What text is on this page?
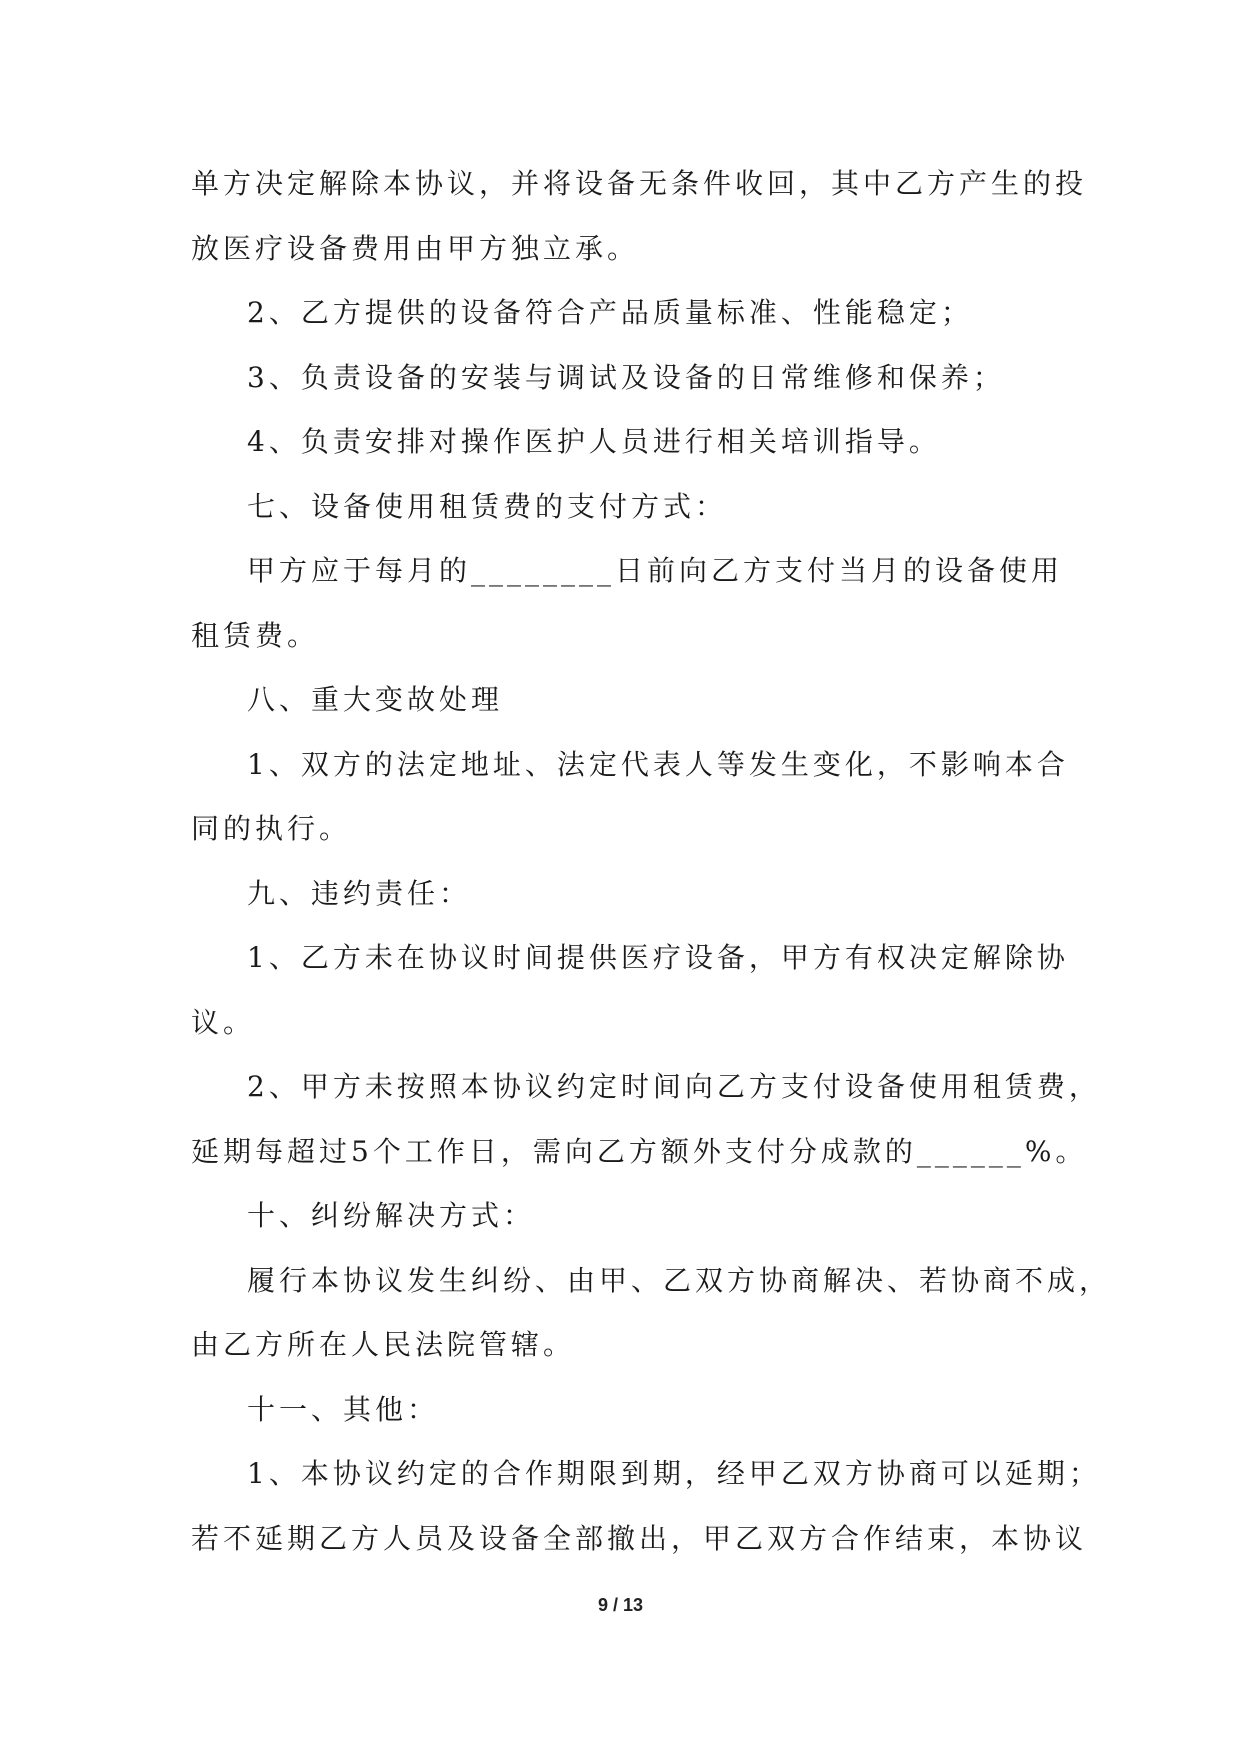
单方决定解除本协议，并将设备无条件收回，其中乙方产生的投
放医疗设备费用由甲方独立承。
2、乙方提供的设备符合产品质量标准、性能稳定；
3、负责设备的安装与调试及设备的日常维修和保养；
4、负责安排对操作医护人员进行相关培训指导。
七、设备使用租赁费的支付方式：
甲方应于每月的________日前向乙方支付当月的设备使用
租赁费。
八、重大变故处理
1、双方的法定地址、法定代表人等发生变化，不影响本合
同的执行。
九、违约责任：
1、乙方未在协议时间提供医疗设备，甲方有权决定解除协
议。
2、甲方未按照本协议约定时间向乙方支付设备使用租赁费，
延期每超过5个工作日，需向乙方额外支付分成款的______%。
十、纠纷解决方式：
履行本协议发生纠纷、由甲、乙双方协商解决、若协商不成，
由乙方所在人民法院管辖。
十一、其他：
1、本协议约定的合作期限到期，经甲乙双方协商可以延期；
若不延期乙方人员及设备全部撤出，甲乙双方合作结束，本协议
9 / 13
